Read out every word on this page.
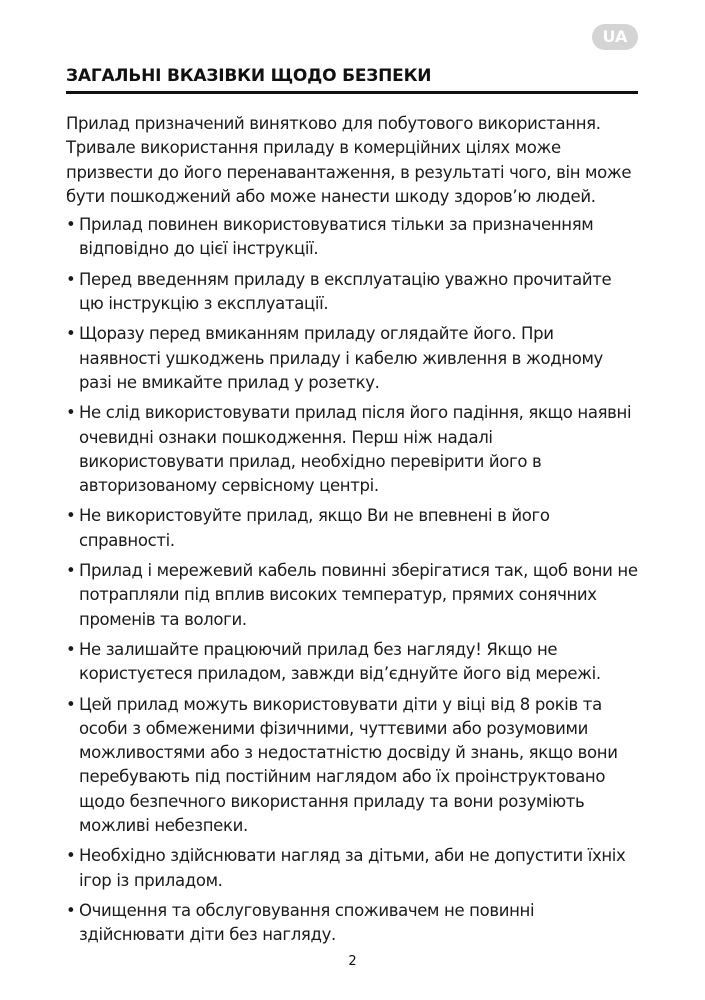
UA
ЗАГАЛЬНІ ВКАЗІВКИ ЩОДО БЕЗПЕКИ

Прилад призначений винятково для побутового використання. Тривале використання приладу в комерційних цілях може призвести до його перенавантаження, в результаті чого, він може бути пошкоджений або може нанести шкоду здоров’ю людей.

• Прилад повинен використовуватися тільки за призначенням відповідно до цієї інструкції.
• Перед введенням приладу в експлуатацію уважно прочитайте цю інструкцію з експлуатації.
• Щоразу перед вмиканням приладу оглядайте його. При наявності ушкоджень приладу і кабелю живлення в жодному разі не вмикайте прилад у розетку.
• Не слід використовувати прилад після його падіння, якщо наявні очевидні ознаки пошкодження. Перш ніж надалі використовувати прилад, необхідно перевірити його в авторизованому сервісному центрі.
• Не використовуйте прилад, якщо Ви не впевнені в його справності.
• Прилад і мережевий кабель повинні зберігатися так, щоб вони не потрапляли під вплив високих температур, прямих сонячних променів та вологи.
• Не залишайте працюючий прилад без нагляду! Якщо не користуєтеся приладом, завжди від’єднуйте його від мережі.
• Цей прилад можуть використовувати діти у віці від 8 років та особи з обмеженими фізичними, чуттєвими або розумовими можливостями або з недостатністю досвіду й знань, якщо вони перебувають під постійним наглядом або їх проінструктовано щодо безпечного використання приладу та вони розуміють можливі небезпеки.
• Необхідно здійснювати нагляд за дітьми, аби не допустити їхніх ігор із приладом.
• Очищення та обслуговування споживачем не повинні здійснювати діти без нагляду.
2
